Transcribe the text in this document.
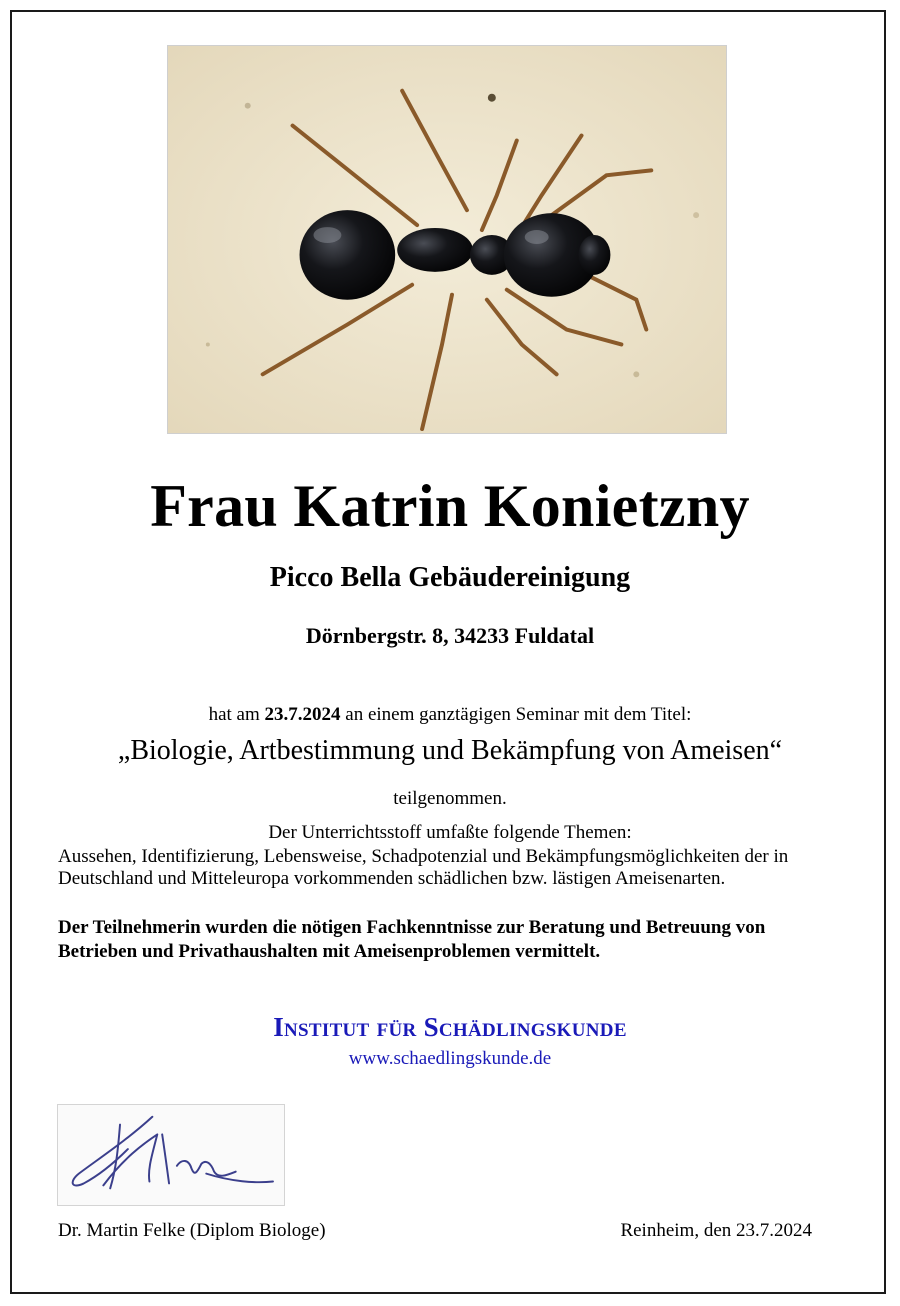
Frau Katrin Konietzny
Picco Bella Gebäudereinigung
Dörnbergstr. 8, 34233 Fuldatal
hat am 23.7.2024 an einem ganztägigen Seminar mit dem Titel:
„Biologie, Artbestimmung und Bekämpfung von Ameisen“
teilgenommen.
Der Unterrichtsstoff umfaßte folgende Themen:
Aussehen, Identifizierung, Lebensweise, Schadpotenzial und Bekämpfungsmöglichkeiten der in Deutschland und Mitteleuropa vorkommenden schädlichen bzw. lästigen Ameisenarten.
Der Teilnehmerin wurden die nötigen Fachkenntnisse zur Beratung und Betreuung von Betrieben und Privathaushalten mit Ameisenproblemen vermittelt.
Institut für Schädlingskunde
www.schaedlingskunde.de
Dr. Martin Felke (Diplom Biologe)	Reinheim, den 23.7.2024
